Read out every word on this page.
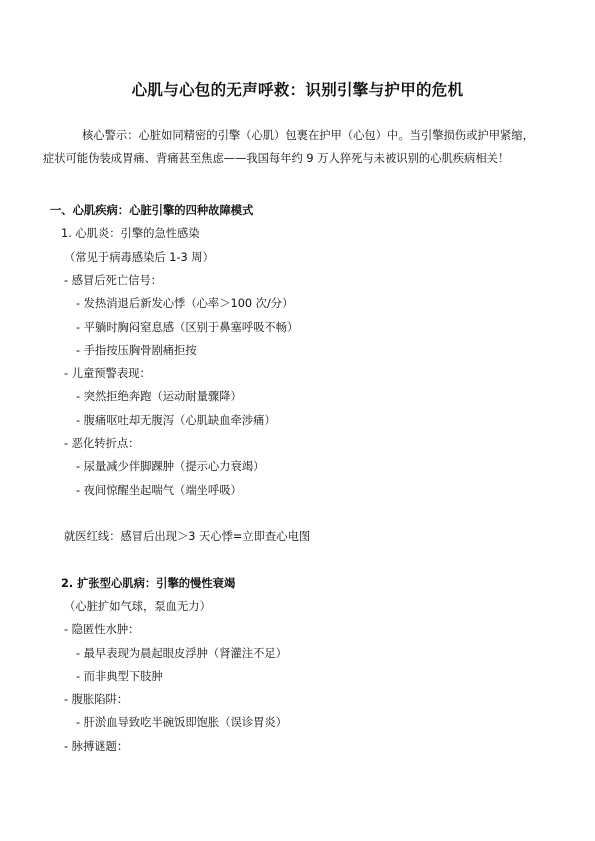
心肌与心包的无声呼救：识别引擎与护甲的危机

核心警示：心脏如同精密的引擎（心肌）包裹在护甲（心包）中。当引擎损伤或护甲紧缩，

症状可能伪装成胃痛、背痛甚至焦虑——我国每年约 9 万人猝死与未被识别的心肌疾病相关！

一、心肌疾病：心脏引擎的四种故障模式
1. 心肌炎：引擎的急性感染
（常见于病毒感染后 1-3 周）
- 感冒后死亡信号：
- 发热消退后新发心悸（心率＞100 次/分）
- 平躺时胸闷窒息感（区别于鼻塞呼吸不畅）
- 手指按压胸骨剧痛拒按
- 儿童预警表现：
- 突然拒绝奔跑（运动耐量骤降）
- 腹痛呕吐却无腹泻（心肌缺血牵涉痛）
- 恶化转折点：
- 尿量减少伴脚踝肿（提示心力衰竭）
- 夜间惊醒坐起喘气（端坐呼吸）
就医红线：感冒后出现＞3 天心悸=立即查心电图
2. 扩张型心肌病：引擎的慢性衰竭
（心脏扩如气球，泵血无力）
- 隐匿性水肿：
- 最早表现为晨起眼皮浮肿（肾灌注不足）
- 而非典型下肢肿
- 腹胀陷阱：
- 肝淤血导致吃半碗饭即饱胀（误诊胃炎）
- 脉搏谜题：
